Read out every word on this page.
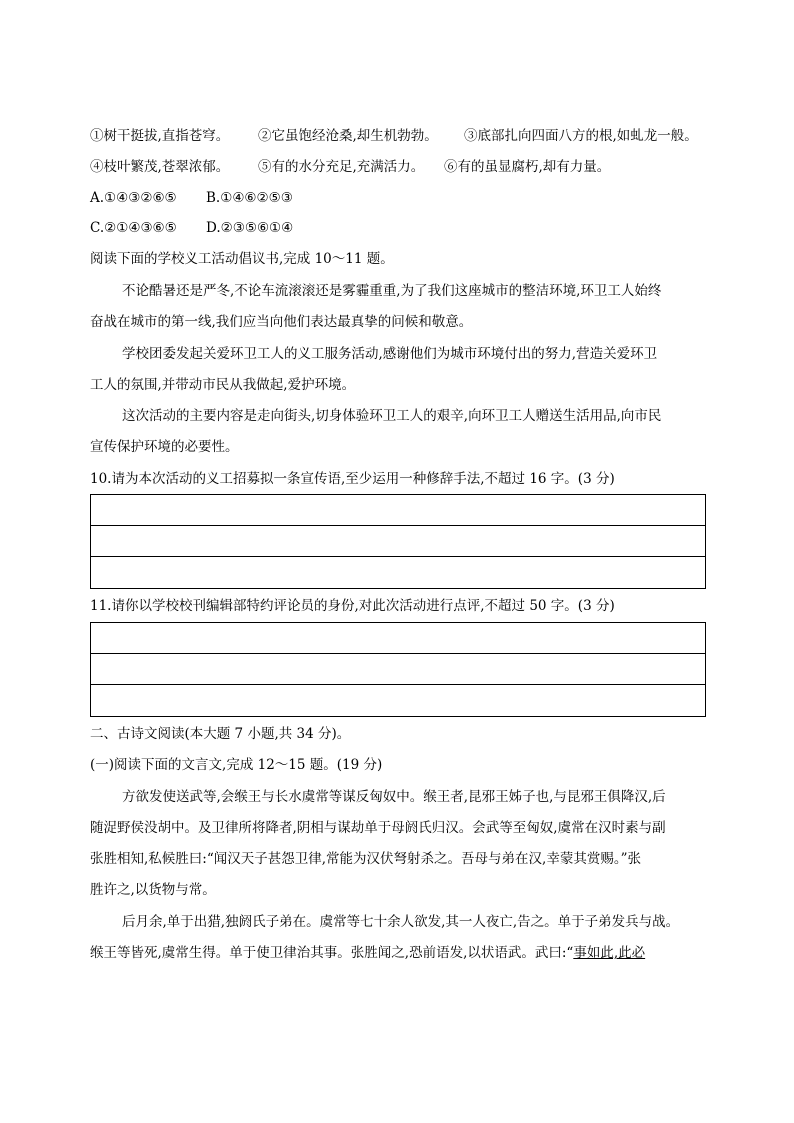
①树干挺拔,直指苍穹。 ②它虽饱经沧桑,却生机勃勃。 ③底部扎向四面八方的根,如虬龙一般。
④枝叶繁茂,苍翠浓郁。 ⑤有的水分充足,充满活力。 ⑥有的虽显腐朽,却有力量。
A.①④③②⑥⑤ B.①④⑥②⑤③
C.②①④③⑥⑤ D.②③⑤⑥①④
阅读下面的学校义工活动倡议书,完成 10～11 题。
不论酷暑还是严冬,不论车流滚滚还是雾霾重重,为了我们这座城市的整洁环境,环卫工人始终
奋战在城市的第一线,我们应当向他们表达最真挚的问候和敬意。
学校团委发起关爱环卫工人的义工服务活动,感谢他们为城市环境付出的努力,营造关爱环卫
工人的氛围,并带动市民从我做起,爱护环境。
这次活动的主要内容是走向街头,切身体验环卫工人的艰辛,向环卫工人赠送生活用品,向市民
宣传保护环境的必要性。
10.请为本次活动的义工招募拟一条宣传语,至少运用一种修辞手法,不超过 16 字。(3 分)
11.请你以学校校刊编辑部特约评论员的身份,对此次活动进行点评,不超过 50 字。(3 分)
二、古诗文阅读(本大题 7 小题,共 34 分)。
(一)阅读下面的文言文,完成 12～15 题。(19 分)
方欲发使送武等,会缑王与长水虞常等谋反匈奴中。缑王者,昆邪王姊子也,与昆邪王俱降汉,后
随浞野侯没胡中。及卫律所将降者,阴相与谋劫单于母阏氏归汉。会武等至匈奴,虞常在汉时素与副
张胜相知,私候胜曰:“闻汉天子甚怨卫律,常能为汉伏弩射杀之。吾母与弟在汉,幸蒙其赏赐。”张
胜许之,以货物与常。
后月余,单于出猎,独阏氏子弟在。虞常等七十余人欲发,其一人夜亡,告之。单于子弟发兵与战。
缑王等皆死,虞常生得。单于使卫律治其事。张胜闻之,恐前语发,以状语武。武曰:“事如此,此必
